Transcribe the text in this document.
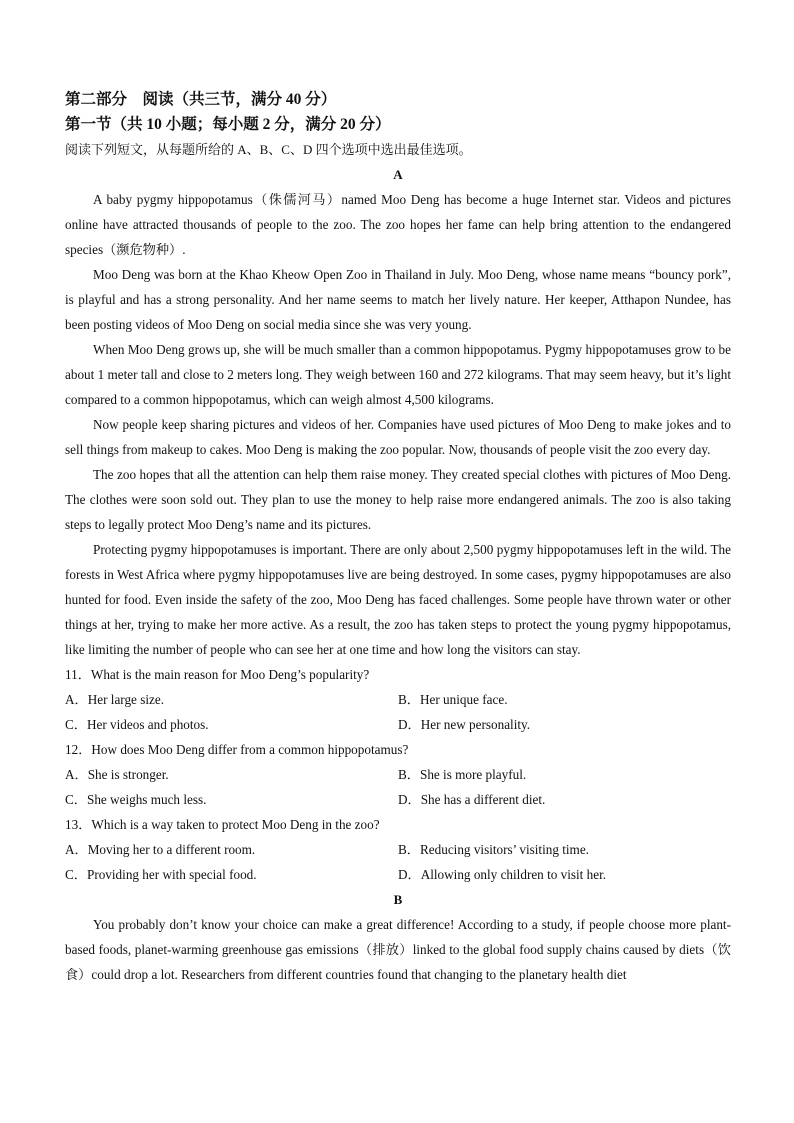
第二部分　阅读（共三节，满分 40 分）
第一节（共 10 小题；每小题 2 分，满分 20 分）
阅读下列短文，从每题所给的 A、B、C、D 四个选项中选出最佳选项。
A

A baby pygmy hippopotamus（侏儒河马）named Moo Deng has become a huge Internet star. Videos and pictures online have attracted thousands of people to the zoo. The zoo hopes her fame can help bring attention to the endangered species（濒危物种）.

Moo Deng was born at the Khao Kheow Open Zoo in Thailand in July. Moo Deng, whose name means “bouncy pork”, is playful and has a strong personality. And her name seems to match her lively nature. Her keeper, Atthapon Nundee, has been posting videos of Moo Deng on social media since she was very young.

When Moo Deng grows up, she will be much smaller than a common hippopotamus. Pygmy hippopotamuses grow to be about 1 meter tall and close to 2 meters long. They weigh between 160 and 272 kilograms. That may seem heavy, but it’s light compared to a common hippopotamus, which can weigh almost 4,500 kilograms.

Now people keep sharing pictures and videos of her. Companies have used pictures of Moo Deng to make jokes and to sell things from makeup to cakes. Moo Deng is making the zoo popular. Now, thousands of people visit the zoo every day.

The zoo hopes that all the attention can help them raise money. They created special clothes with pictures of Moo Deng. The clothes were soon sold out. They plan to use the money to help raise more endangered animals. The zoo is also taking steps to legally protect Moo Deng’s name and its pictures.

Protecting pygmy hippopotamuses is important. There are only about 2,500 pygmy hippopotamuses left in the wild. The forests in West Africa where pygmy hippopotamuses live are being destroyed. In some cases, pygmy hippopotamuses are also hunted for food. Even inside the safety of the zoo, Moo Deng has faced challenges. Some people have thrown water or other things at her, trying to make her more active. As a result, the zoo has taken steps to protect the young pygmy hippopotamus, like limiting the number of people who can see her at one time and how long the visitors can stay.

11．What is the main reason for Moo Deng’s popularity?
A．Her large size.	B．Her unique face.
C．Her videos and photos.	D．Her new personality.
12．How does Moo Deng differ from a common hippopotamus?
A．She is stronger.	B．She is more playful.
C．She weighs much less.	D．She has a different diet.
13．Which is a way taken to protect Moo Deng in the zoo?
A．Moving her to a different room.	B．Reducing visitors’ visiting time.
C．Providing her with special food.	D．Allowing only children to visit her.
B

You probably don’t know your choice can make a great difference! According to a study, if people choose more plant-based foods, planet-warming greenhouse gas emissions（排放）linked to the global food supply chains caused by diets（饮食）could drop a lot. Researchers from different countries found that changing to the planetary health diet
